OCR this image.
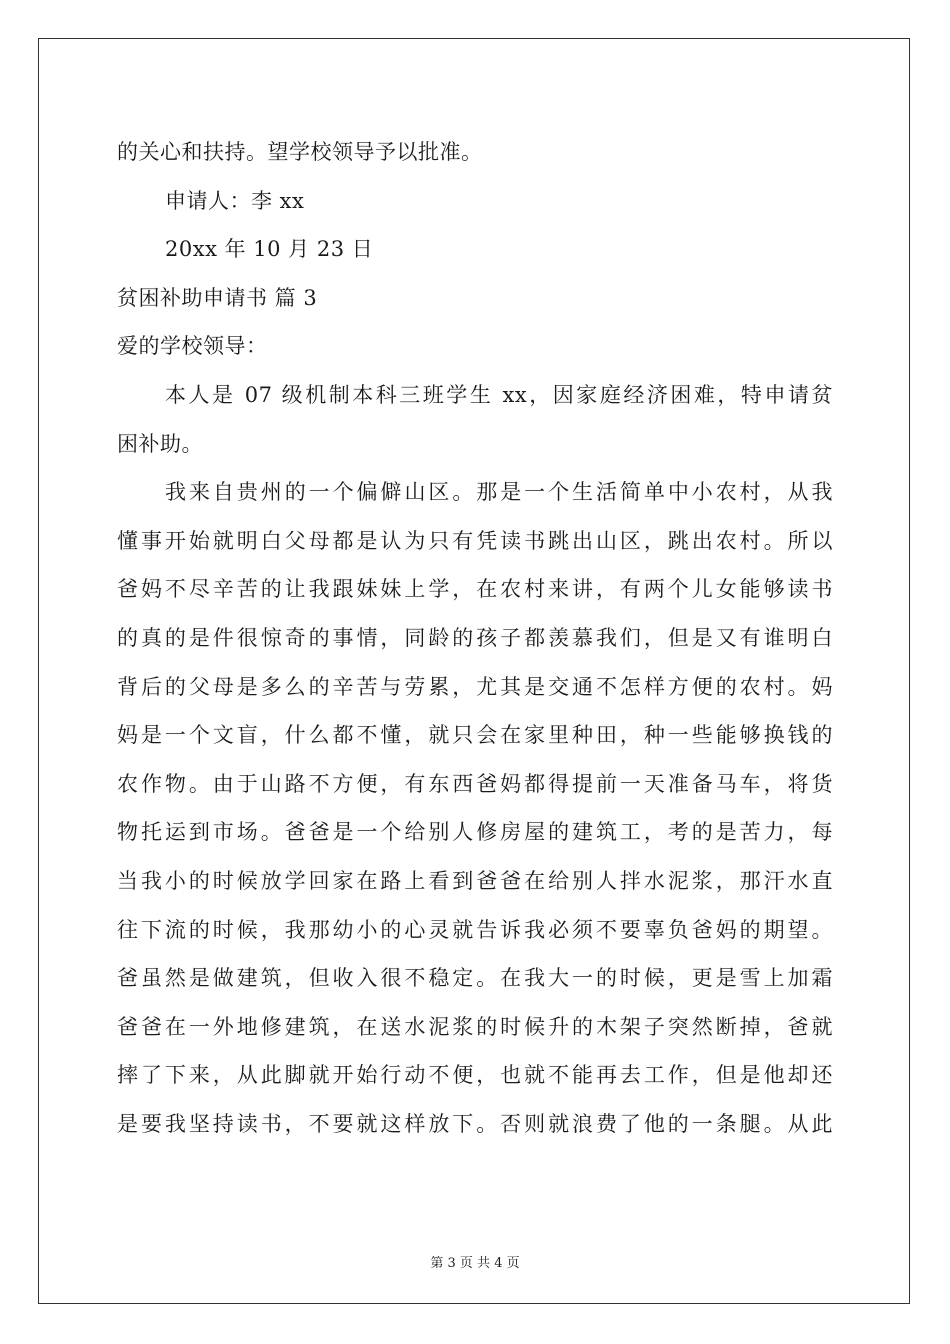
的关心和扶持。望学校领导予以批准。
申请人：李 xx
20xx 年 10 月 23 日
贫困补助申请书 篇 3
爱的学校领导：
本人是 07 级机制本科三班学生 xx，因家庭经济困难，特申请贫
困补助。
我来自贵州的一个偏僻山区。那是一个生活简单中小农村，从我
懂事开始就明白父母都是认为只有凭读书跳出山区，跳出农村。所以
爸妈不尽辛苦的让我跟妹妹上学，在农村来讲，有两个儿女能够读书
的真的是件很惊奇的事情，同龄的孩子都羡慕我们，但是又有谁明白
背后的父母是多么的辛苦与劳累，尤其是交通不怎样方便的农村。妈
妈是一个文盲，什么都不懂，就只会在家里种田，种一些能够换钱的
农作物。由于山路不方便，有东西爸妈都得提前一天准备马车，将货
物托运到市场。爸爸是一个给别人修房屋的建筑工，考的是苦力，每
当我小的时候放学回家在路上看到爸爸在给别人拌水泥浆，那汗水直
往下流的时候，我那幼小的心灵就告诉我必须不要辜负爸妈的期望。
爸虽然是做建筑，但收入很不稳定。在我大一的时候，更是雪上加霜
爸爸在一外地修建筑，在送水泥浆的时候升的木架子突然断掉，爸就
摔了下来，从此脚就开始行动不便，也就不能再去工作，但是他却还
是要我坚持读书，不要就这样放下。否则就浪费了他的一条腿。从此
第 3 页 共 4 页
